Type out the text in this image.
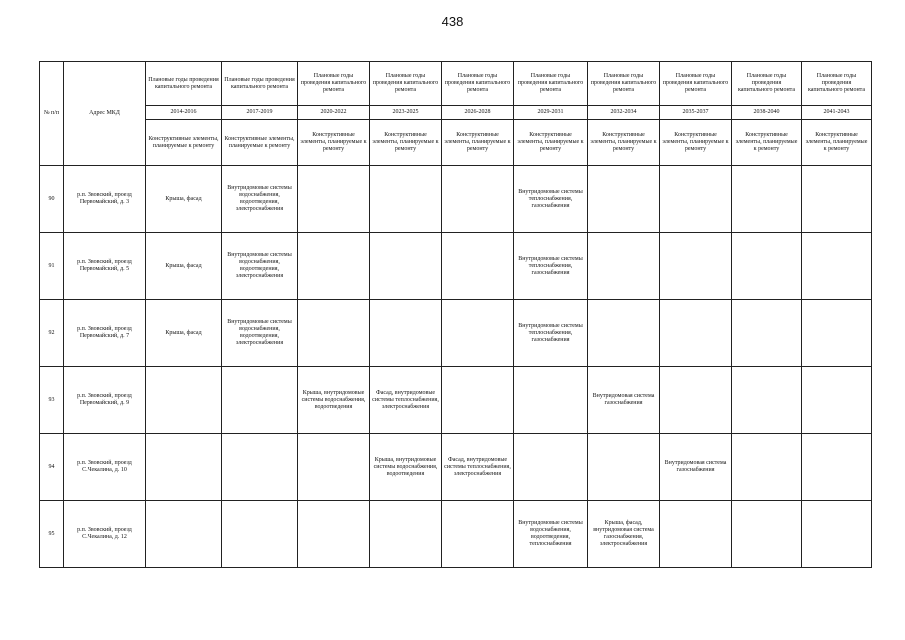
438
№ п/п	Адрес МКД	Плановые годы проведения капитального ремонта	Плановые годы проведения капитального ремонта	Плановые годы проведения капитального ремонта	Плановые годы проведения капитального ремонта	Плановые годы проведения капитального ремонта	Плановые годы проведения капитального ремонта	Плановые годы проведения капитального ремонта	Плановые годы проведения капитального ремонта	Плановые годы проведения капитального ремонта	Плановые годы проведения капитального ремонта
		2014-2016	2017-2019	2020-2022	2023-2025	2026-2028	2029-2031	2032-2034	2035-2037	2038-2040	2041-2043
		Конструктивные элементы, планируемые к ремонту	Конструктивные элементы, планируемые к ремонту	Конструктивные элементы, планируемые к ремонту	Конструктивные элементы, планируемые к ремонту	Конструктивные элементы, планируемые к ремонту	Конструктивные элементы, планируемые к ремонту	Конструктивные элементы, планируемые к ремонту	Конструктивные элементы, планируемые к ремонту	Конструктивные элементы, планируемые к ремонту	Конструктивные элементы, планируемые к ремонту
90	р.п. Звовский, проезд Первомайский, д. 3	Крыша, фасад	Внутридомовые системы водоснабжения, водоотведения, электроснабжения				Внутридомовые системы теплоснабжения, газоснабжения				
91	р.п. Звовский, проезд Первомайский, д. 5	Крыша, фасад	Внутридомовые системы водоснабжения, водоотведения, электроснабжения				Внутридомовые системы теплоснабжения, газоснабжения				
92	р.п. Звовский, проезд Первомайский, д. 7	Крыша, фасад	Внутридомовые системы водоснабжения, водоотведения, электроснабжения				Внутридомовые системы теплоснабжения, газоснабжения				
93	р.п. Звовский, проезд Первомайский, д. 9			Крыша, внутридомовые системы водоснабжения, водоотведения	Фасад, внутридомовые системы теплоснабжения, электроснабжения			Внутридомовая система газоснабжения			
94	р.п. Звовский, проезд С.Чекалина, д. 10				Крыша, внутридомовые системы водоснабжения, водоотведения	Фасад, внутридомовые системы теплоснабжения, электроснабжения			Внутридомовая система газоснабжения		
95	р.п. Звовский, проезд С.Чекалина, д. 12						Внутридомовые системы водоснабжения, водоотведения, теплоснабжения	Крыша, фасад, внутридомовая система газоснабжения, электроснабжения			
